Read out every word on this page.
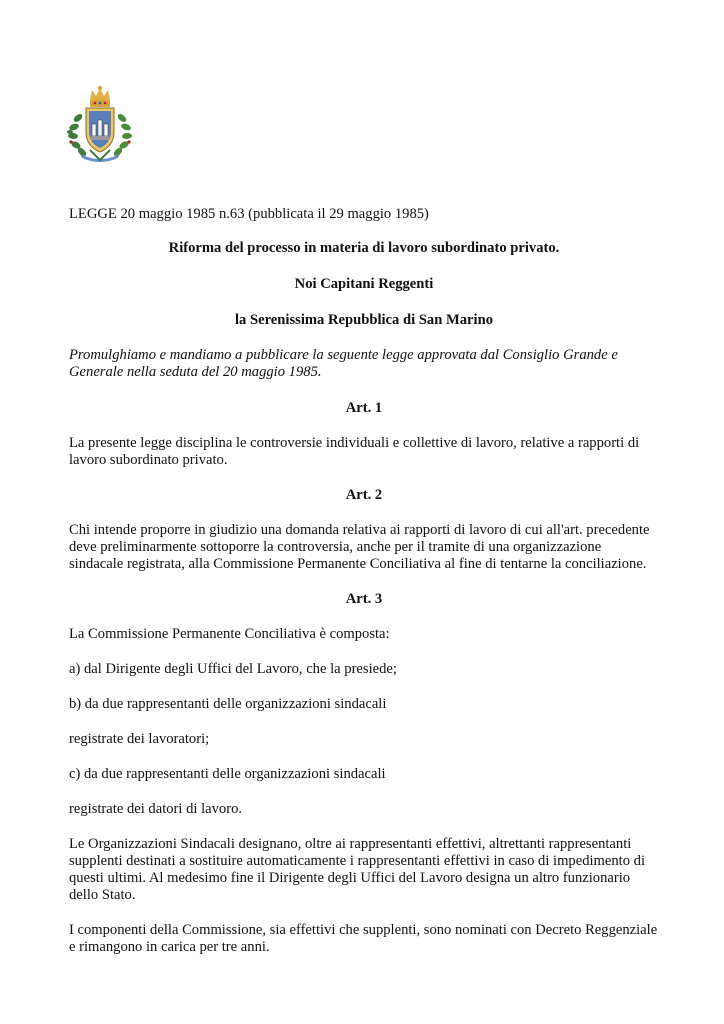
LEGGE 20 maggio 1985 n.63 (pubblicata il 29 maggio 1985)

Riforma del processo in materia di lavoro subordinato privato.

Noi Capitani Reggenti

la Serenissima Repubblica di San Marino

Promulghiamo e mandiamo a pubblicare la seguente legge approvata dal Consiglio Grande e Generale nella seduta del 20 maggio 1985.

Art. 1

La presente legge disciplina le controversie individuali e collettive di lavoro, relative a rapporti di lavoro subordinato privato.

Art. 2

Chi intende proporre in giudizio una domanda relativa ai rapporti di lavoro di cui all'art. precedente deve preliminarmente sottoporre la controversia, anche per il tramite di una organizzazione sindacale registrata, alla Commissione Permanente Conciliativa al fine di tentarne la conciliazione.

Art. 3

La Commissione Permanente Conciliativa è composta:

a) dal Dirigente degli Uffici del Lavoro, che la presiede;

b) da due rappresentanti delle organizzazioni sindacali

registrate dei lavoratori;

c) da due rappresentanti delle organizzazioni sindacali

registrate dei datori di lavoro.

Le Organizzazioni Sindacali designano, oltre ai rappresentanti effettivi, altrettanti rappresentanti supplenti destinati a sostituire automaticamente i rappresentanti effettivi in caso di impedimento di questi ultimi. Al medesimo fine il Dirigente degli Uffici del Lavoro designa un altro funzionario dello Stato.

I componenti della Commissione, sia effettivi che supplenti, sono nominati con Decreto Reggenziale e rimangono in carica per tre anni.
